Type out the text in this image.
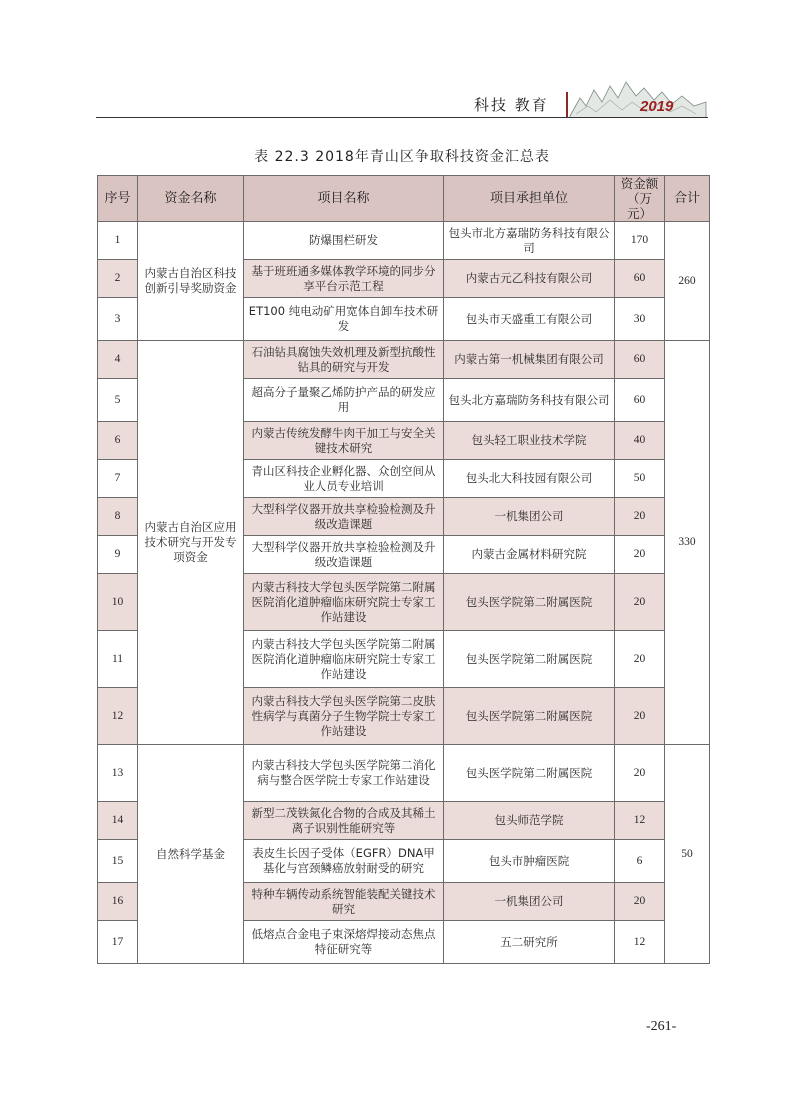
科技 教育	2019
表 22.3 2018年青山区争取科技资金汇总表
序号	资金名称	项目名称	项目承担单位	资金额（万元）	合计
1	内蒙古自治区科技创新引导奖励资金	防爆围栏研发	包头市北方嘉瑞防务科技有限公司	170	260
2		基于班班通多媒体教学环境的同步分享平台示范工程	内蒙古元乙科技有限公司	60	
3		ET100 纯电动矿用宽体自卸车技术研发	包头市天盛重工有限公司	30	
4	内蒙古自治区应用技术研究与开发专项资金	石油钻具腐蚀失效机理及新型抗酸性钻具的研究与开发	内蒙古第一机械集团有限公司	60	330
5		超高分子量聚乙烯防护产品的研发应用	包头北方嘉瑞防务科技有限公司	60	
6		内蒙古传统发酵牛肉干加工与安全关键技术研究	包头轻工职业技术学院	40	
7		青山区科技企业孵化器、众创空间从业人员专业培训	包头北大科技园有限公司	50	
8		大型科学仪器开放共享检验检测及升级改造课题	一机集团公司	20	
9		大型科学仪器开放共享检验检测及升级改造课题	内蒙古金属材料研究院	20	
10		内蒙古科技大学包头医学院第二附属医院消化道肿瘤临床研究院士专家工作站建设	包头医学院第二附属医院	20	
11		内蒙古科技大学包头医学院第二附属医院消化道肿瘤临床研究院士专家工作站建设	包头医学院第二附属医院	20	
12		内蒙古科技大学包头医学院第二皮肤性病学与真菌分子生物学院士专家工作站建设	包头医学院第二附属医院	20	
13	自然科学基金	内蒙古科技大学包头医学院第二消化病与整合医学院士专家工作站建设	包头医学院第二附属医院	20	50
14		新型二茂铁氮化合物的合成及其稀土离子识别性能研究等	包头师范学院	12	
15		表皮生长因子受体（EGFR）DNA甲基化与宫颈鳞癌放射耐受的研究	包头市肿瘤医院	6	
16		特种车辆传动系统智能装配关键技术研究	一机集团公司	20	
17		低熔点合金电子束深熔焊接动态焦点特征研究等	五二研究所	12	
-261-
